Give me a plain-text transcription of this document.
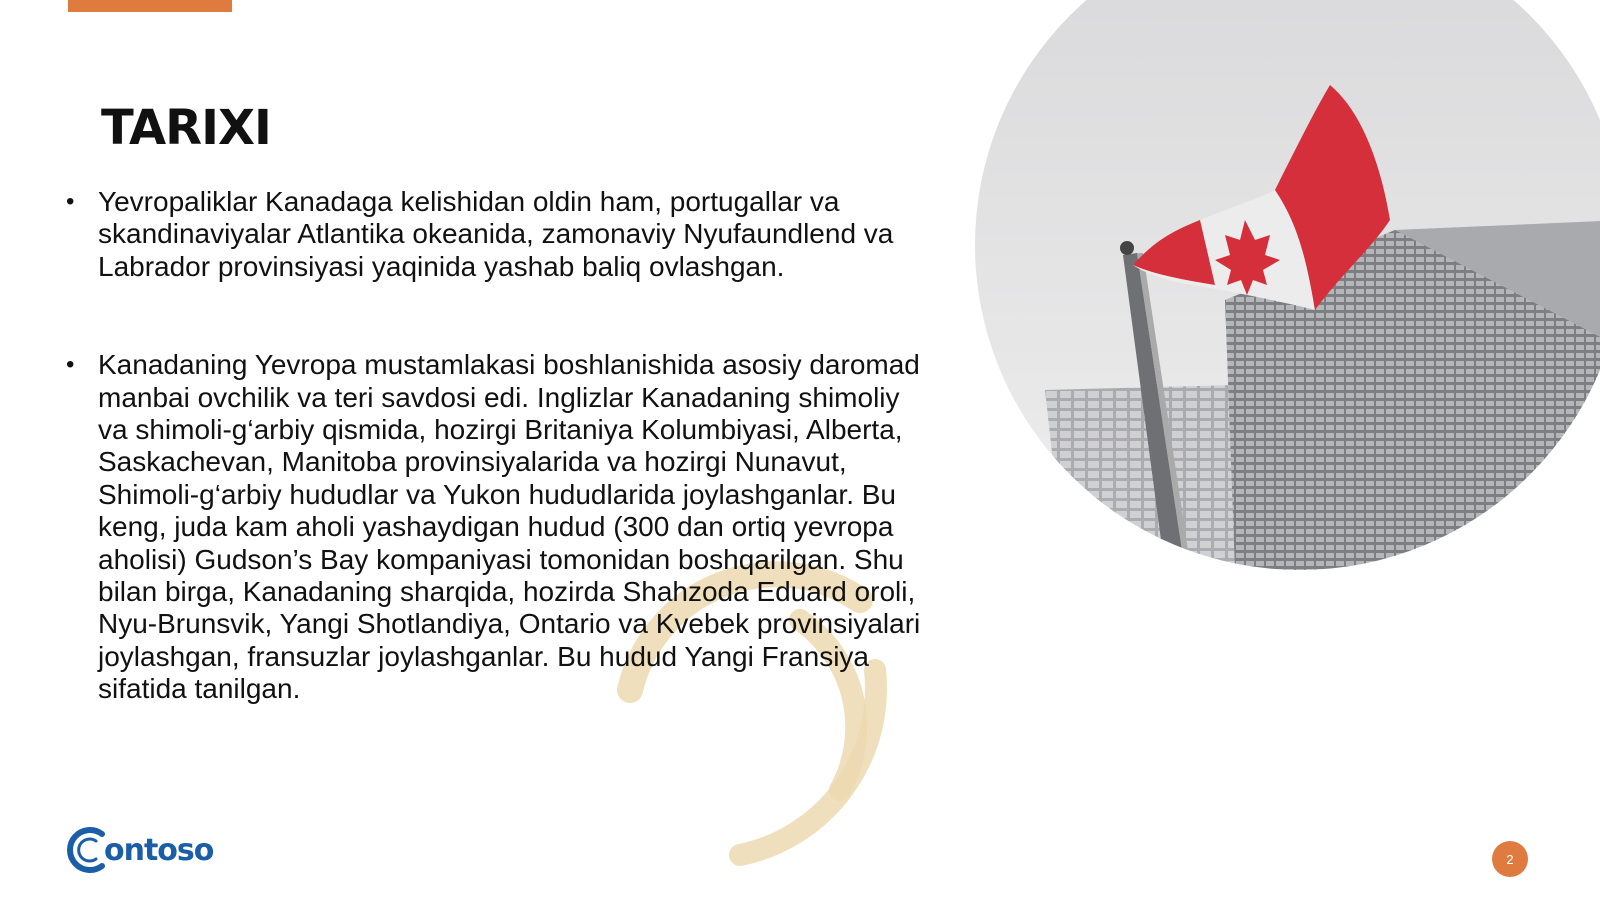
TARIXI
• Yevropaliklar Kanadaga kelishidan oldin ham, portugallar va skandinaviyalar Atlantika okeanida, zamonaviy Nyufaundlend va Labrador provinsiyasi yaqinida yashab baliq ovlashgan.
• Kanadaning Yevropa mustamlakasi boshlanishida asosiy daromad manbai ovchilik va teri savdosi edi. Inglizlar Kanadaning shimoliy va shimoli-g‘arbiy qismida, hozirgi Britaniya Kolumbiyasi, Alberta, Saskachevan, Manitoba provinsiyalarida va hozirgi Nunavut, Shimoli-g‘arbiy hududlar va Yukon hududlarida joylashganlar. Bu keng, juda kam aholi yashaydigan hudud (300 dan ortiq yevropa aholisi) Gudson’s Bay kompaniyasi tomonidan boshqarilgan. Shu bilan birga, Kanadaning sharqida, hozirda Shahzoda Eduard oroli, Nyu-Brunsvik, Yangi Shotlandiya, Ontario va Kvebek provinsiyalari joylashgan, fransuzlar joylashganlar. Bu hudud Yangi Fransiya sifatida tanilgan.
ontoso	2
